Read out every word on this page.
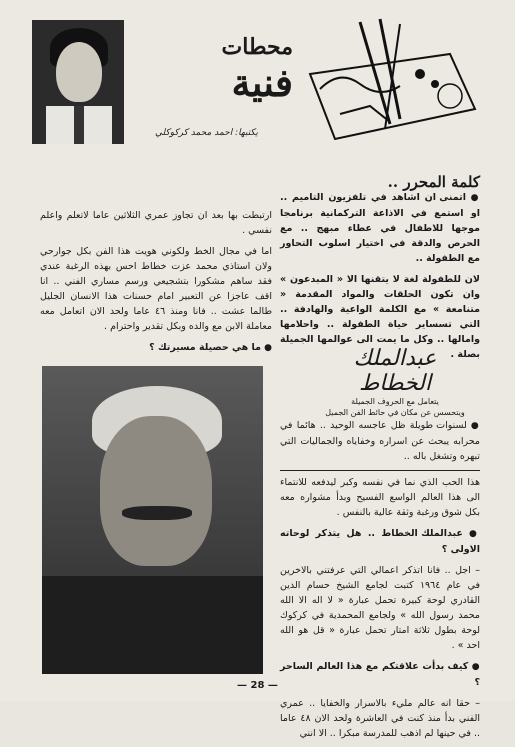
محطات
فنية
يكتبها: احمد محمد كركوكلي
كلمة المحرر ..

● اتمنى ان اشاهد في تلفزيون التاميم .. او استمع في الاذاعة التركمانية برنامجا موجها للاطفال في عطاء مبهج .. مع الحرص والدقة في اختيار اسلوب التحاور مع الطفولة ..

لان للطفولة لغة لا يتقنها الا « المبدعون » وان تكون الحلقات والمواد المقدمة « متنامعة » مع الكلمة الواعية والهادفة .. التي تسساير حياة الطفولة .. واحلامها وامالها .. وكل ما يمت الى عوالمها الجميلة بصلة .

عبدالملك الخطاط
يتعامل مع الحروف الجميلة
ويتحسس عن مكان في حائط الفن الجميل

● لسنوات طويلة ظل عاجسه الوحيد .. هائما في محرابه يبحث عن اسراره وخفاياه والجماليات التي تبهره وتشغل باله ..

هذا الحب الذي نما في نفسه وكبر ليدفعه للانتماء الى هذا العالم الواسع الفسيح وبدأ مشواره معه بكل شوق ورغبة وثقة عالية بالنفس .

● عبدالملك الخطاط .. هل يتذكر لوحاته الاولى ؟

– اجل .. فانا اتذكر اعمالي التي عرفتني بالاخرين في عام ١٩٦٤ كتبت لجامع الشيخ حسام الدين القادري لوحة كبيرة تحمل عبارة « لا اله الا الله محمد رسول الله » ولجامع المحمدية في كركوك لوحة بطول ثلاثة امتار تحمل عبارة « قل هو الله احد » .

● كيف بدأت علاقتكم مع هذا العالم الساحر ؟

– حقا انه عالم مليء بالاسرار والخفايا .. عمري الفني بدأ منذ كنت في العاشرة ولحد الان ٤٨ عاما .. في حينها لم اذهب للمدرسة مبكرا .. الا انني

ارتبطت بها بعد ان تجاوز عمري الثلاثين عاما لاتعلم واعلم نفسي .

اما في مجال الخط ولكوني هويت هذا الفن بكل جوارحي ولان استاذي محمد عزت خطاط احس بهذه الرغبة عندي فقد ساهم مشكورا بتشجيعي ورسم مساري الفني .. انا اقف عاجزا عن التعبير امام حسنات هذا الانسان الجليل طالما عشت .. فانا ومنذ ٤٦ عاما ولحد الان اتعامل معه معاملة الابن مع والده وبكل تقدير واحترام .

● ما هي حصيلة مسيرتك ؟

— 28 —
